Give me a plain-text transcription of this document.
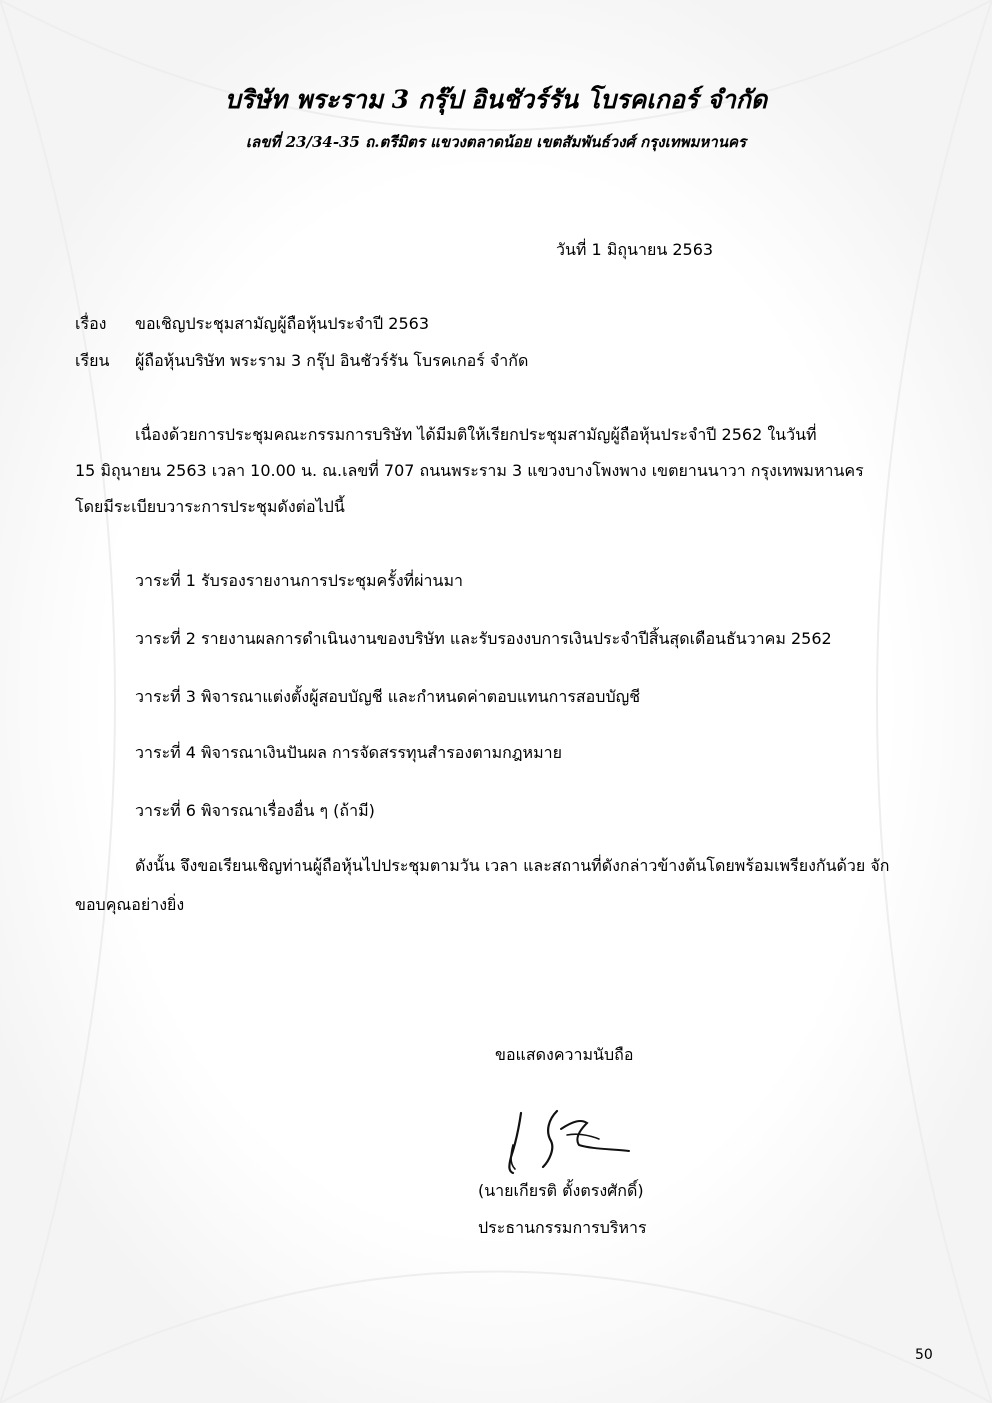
บริษัท พระราม 3 กรุ๊ป อินชัวร์รัน โบรคเกอร์ จำกัด
เลขที่ 23/34-35 ถ.ตรีมิตร แขวงตลาดน้อย เขตสัมพันธ์วงศ์ กรุงเทพมหานคร
วันที่ 1 มิถุนายน 2563
เรื่อง ขอเชิญประชุมสามัญผู้ถือหุ้นประจำปี 2563
เรียน ผู้ถือหุ้นบริษัท พระราม 3 กรุ๊ป อินชัวร์รัน โบรคเกอร์ จำกัด
เนื่องด้วยการประชุมคณะกรรมการบริษัท ได้มีมติให้เรียกประชุมสามัญผู้ถือหุ้นประจำปี 2562 ในวันที่
15 มิถุนายน 2563 เวลา 10.00 น. ณ.เลขที่ 707 ถนนพระราม 3 แขวงบางโพงพาง เขตยานนาวา กรุงเทพมหานคร
โดยมีระเบียบวาระการประชุมดังต่อไปนี้
วาระที่ 1 รับรองรายงานการประชุมครั้งที่ผ่านมา
วาระที่ 2 รายงานผลการดำเนินงานของบริษัท และรับรองงบการเงินประจำปีสิ้นสุดเดือนธันวาคม 2562
วาระที่ 3 พิจารณาแต่งตั้งผู้สอบบัญชี และกำหนดค่าตอบแทนการสอบบัญชี
วาระที่ 4 พิจารณาเงินปันผล การจัดสรรทุนสำรองตามกฎหมาย
วาระที่ 6 พิจารณาเรื่องอื่น ๆ (ถ้ามี)
ดังนั้น จึงขอเรียนเชิญท่านผู้ถือหุ้นไปประชุมตามวัน เวลา และสถานที่ดังกล่าวข้างต้นโดยพร้อมเพรียงกันด้วย จัก
ขอบคุณอย่างยิ่ง
ขอแสดงความนับถือ
(นายเกียรติ ตั้งตรงศักดิ์)
ประธานกรรมการบริหาร
50
